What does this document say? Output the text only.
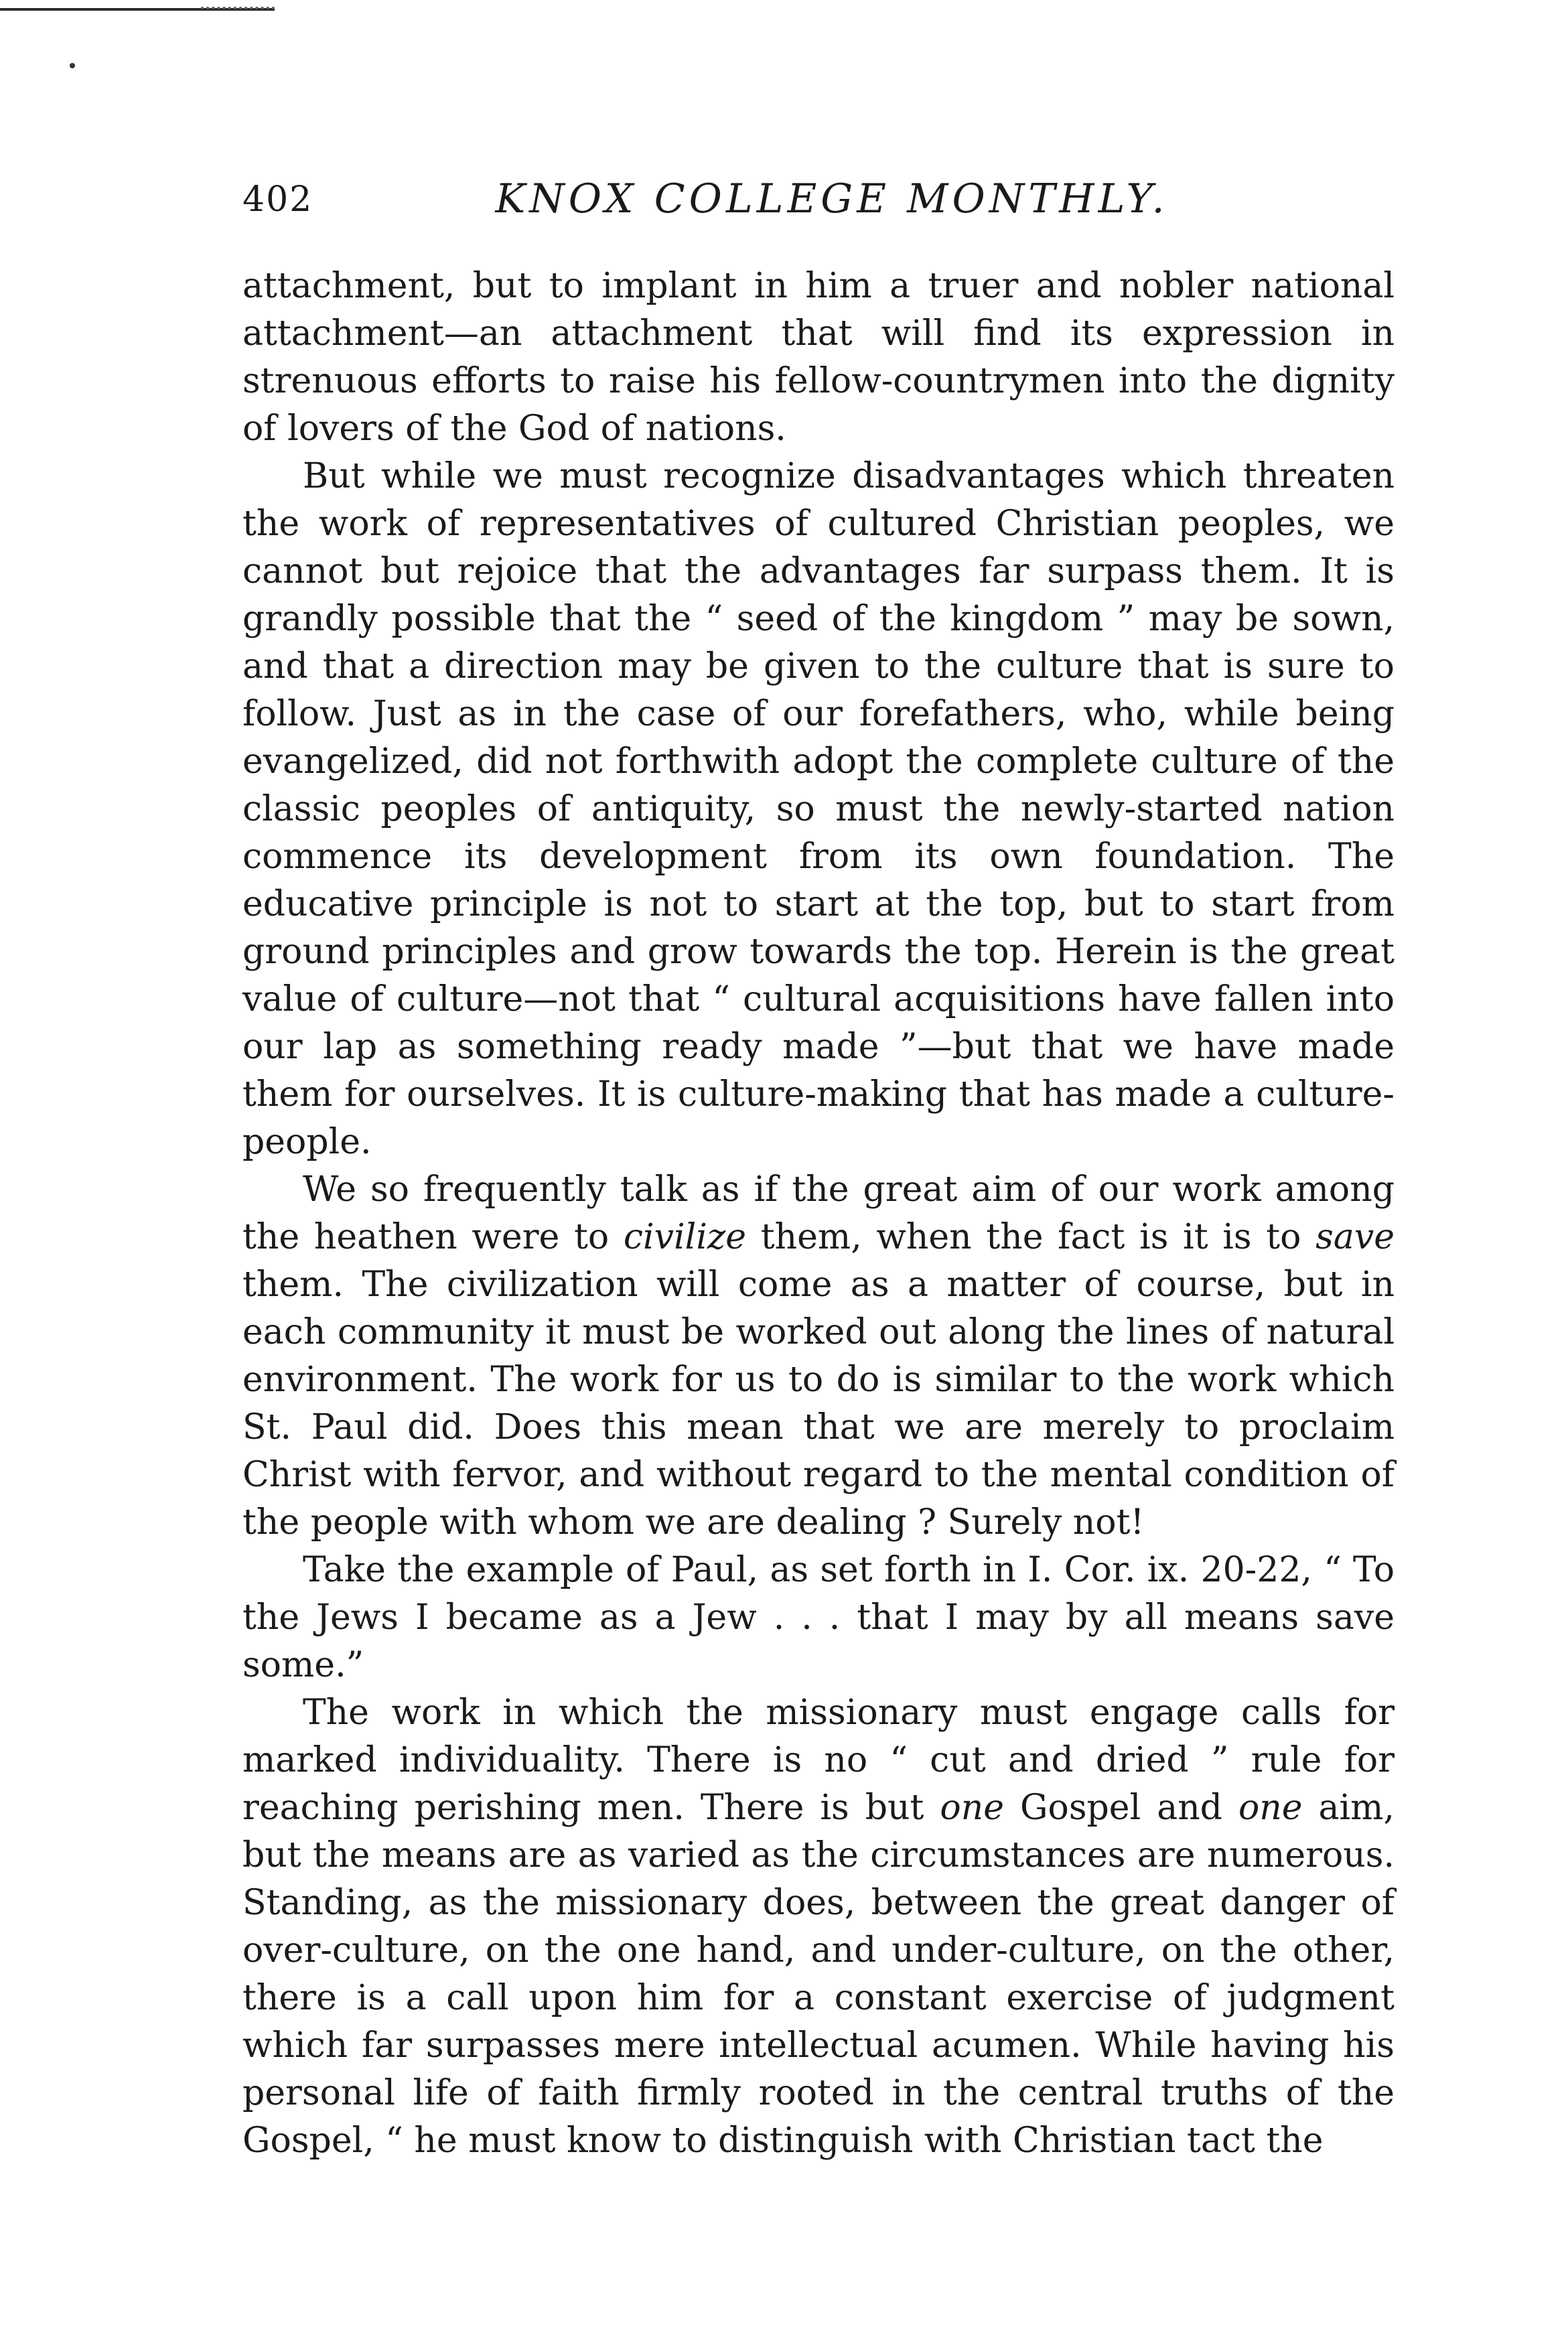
402	KNOX COLLEGE MONTHLY.

attachment, but to implant in him a truer and nobler national attachment—an attachment that will find its expression in strenuous efforts to raise his fellow-countrymen into the dignity of lovers of the God of nations.

But while we must recognize disadvantages which threaten the work of representatives of cultured Christian peoples, we cannot but rejoice that the advantages far surpass them. It is grandly possible that the “ seed of the kingdom ” may be sown, and that a direction may be given to the culture that is sure to follow. Just as in the case of our forefathers, who, while being evangelized, did not forthwith adopt the complete culture of the classic peoples of antiquity, so must the newly-started nation commence its development from its own foundation. The educative principle is not to start at the top, but to start from ground principles and grow towards the top. Herein is the great value of culture—not that “ cultural acquisitions have fallen into our lap as something ready made ”—but that we have made them for ourselves. It is culture-making that has made a culture-people.

We so frequently talk as if the great aim of our work among the heathen were to civilize them, when the fact is it is to save them. The civilization will come as a matter of course, but in each community it must be worked out along the lines of natural environment. The work for us to do is similar to the work which St. Paul did. Does this mean that we are merely to proclaim Christ with fervor, and without regard to the mental condition of the people with whom we are dealing ? Surely not!

Take the example of Paul, as set forth in I. Cor. ix. 20-22, “ To the Jews I became as a Jew . . . that I may by all means save some.”

The work in which the missionary must engage calls for marked individuality. There is no “ cut and dried ” rule for reaching perishing men. There is but one Gospel and one aim, but the means are as varied as the circumstances are numerous. Standing, as the missionary does, between the great danger of over-culture, on the one hand, and under-culture, on the other, there is a call upon him for a constant exercise of judgment which far surpasses mere intellectual acumen. While having his personal life of faith firmly rooted in the central truths of the Gospel, “ he must know to distinguish with Christian tact the
